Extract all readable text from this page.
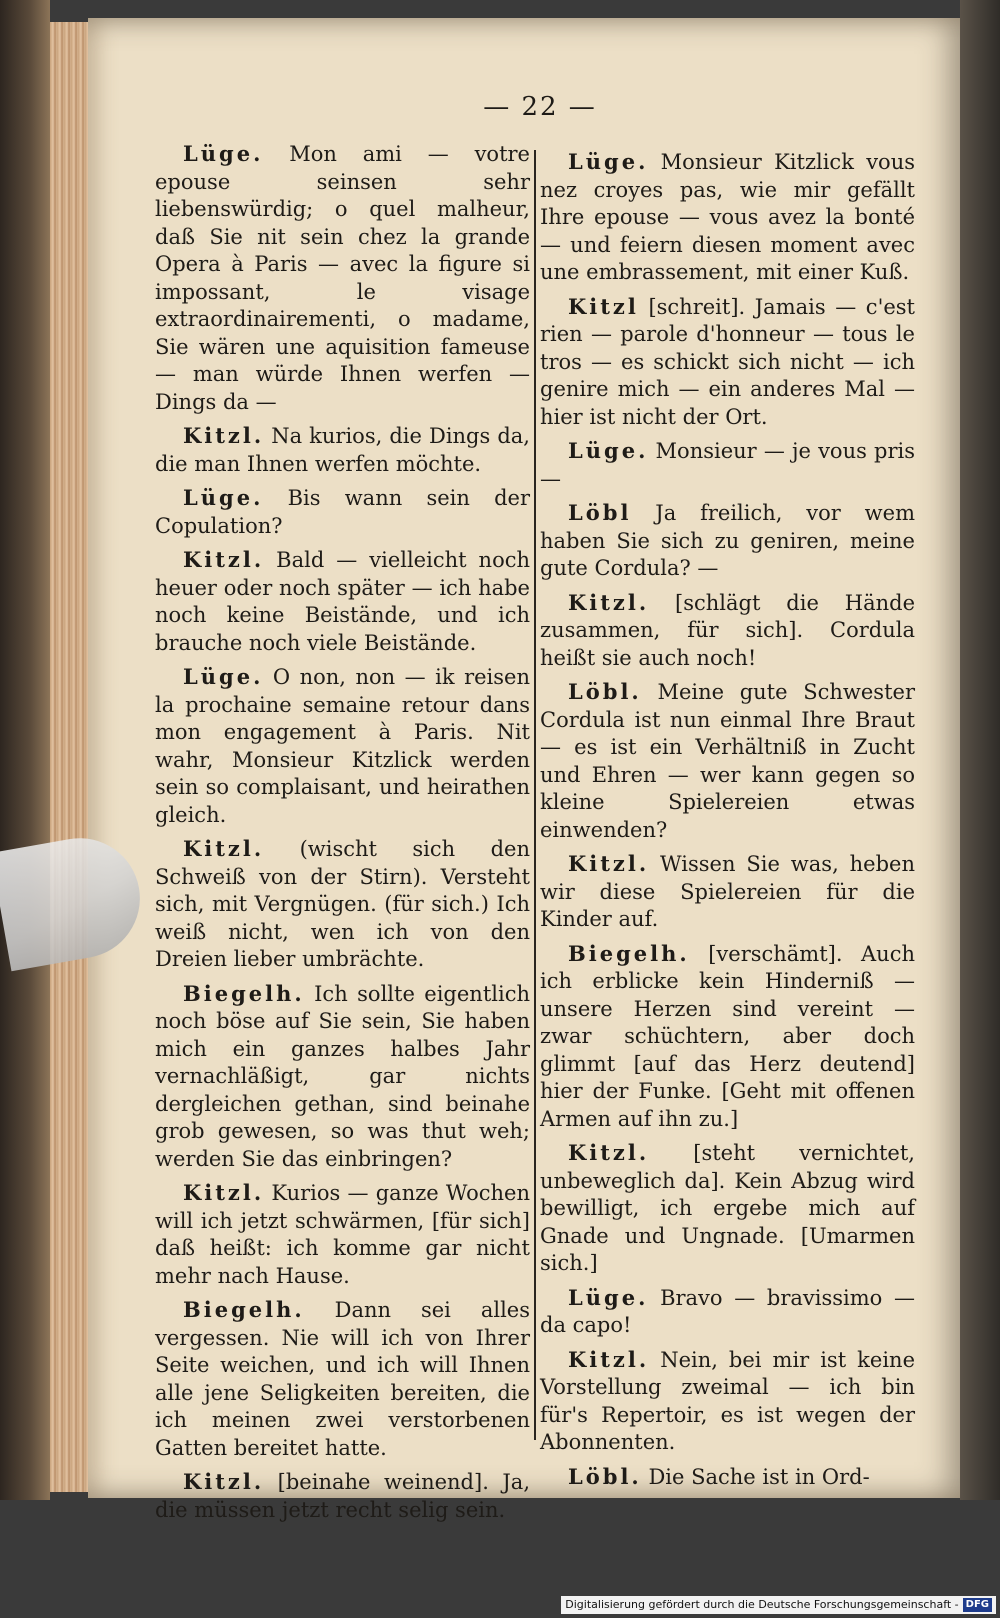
— 22 —

Lüge. Mon ami — votre epouse seinsen sehr liebenswürdig; o quel malheur, daß Sie nit sein chez la grande Opera à Paris — avec la figure si impossant, le visage extraordinairementi, o madame, Sie wären une aquisition fameuse — man würde Ihnen werfen — Dings da —

Kitzl. Na kurios, die Dings da, die man Ihnen werfen möchte.

Lüge. Bis wann sein der Copulation?

Kitzl. Bald — vielleicht noch heuer oder noch später — ich habe noch keine Beiständе, und ich brauche noch viele Beistände.

Lüge. O non, non — ik reisen la prochaine semaine retour dans mon engagement à Paris. Nit wahr, Monsieur Kitzlick werden sein so complaisant, und heirathen gleich.

Kitzl. (wischt sich den Schweiß von der Stirn). Versteht sich, mit Vergnügen. (für sich.) Ich weiß nicht, wen ich von den Dreien lieber umbrächte.

Biegelh. Ich sollte eigentlich noch böse auf Sie sein, Sie haben mich ein ganzes halbes Jahr vernachläßigt, gar nichts dergleichen gethan, sind beinahe grob gewesen, so was thut weh; werden Sie das einbringen?

Kitzl. Kurios — ganze Wochen will ich jetzt schwärmen, [für sich] daß heißt: ich komme gar nicht mehr nach Hause.

Biegelh. Dann sei alles vergessen. Nie will ich von Ihrer Seite weichen, und ich will Ihnen alle jene Seligkeiten bereiten, die ich meinen zwei verstorbenen Gatten bereitet hatte.

Kitzl. [beinahe weinend]. Ja, die müssen jetzt recht selig sein.

Lüge. Monsieur Kitzlick vous nez croyes pas, wie mir gefällt Ihre epouse — vous avez la bonté — und feiern diesen moment avec une embrassement, mit einer Kuß.

Kitzl [schreit]. Jamais — c'est rien — parole d'honneur — tous le tros — es schickt sich nicht — ich genire mich — ein anderes Mal — hier ist nicht der Ort.

Lüge. Monsieur — je vous pris —

Löbl Ja freilich, vor wem haben Sie sich zu geniren, meine gute Cordula? —

Kitzl. [schlägt die Hände zusammen, für sich]. Cordula heißt sie auch noch!

Löbl. Meine gute Schwester Cordula ist nun einmal Ihre Braut — es ist ein Verhältniß in Zucht und Ehren — wer kann gegen so kleine Spielereien etwas einwenden?

Kitzl. Wissen Sie was, heben wir diese Spielereien für die Kinder auf.

Biegelh. [verschämt]. Auch ich erblicke kein Hinderniß — unsere Herzen sind vereint — zwar schüchtern, aber doch glimmt [auf das Herz deutend] hier der Funke. [Geht mit offenen Armen auf ihn zu.]

Kitzl. [steht vernichtet, unbeweglich da]. Kein Abzug wird bewilligt, ich ergebe mich auf Gnade und Ungnade. [Umarmen sich.]

Lüge. Bravo — bravissimo — da capo!

Kitzl. Nein, bei mir ist keine Vorstellung zweimal — ich bin für's Repertoir, es ist wegen der Abonnenten.

Löbl. Die Sache ist in Ord-

Digitalisierung gefördert durch die Deutsche Forschungsgemeinschaft - DFG
